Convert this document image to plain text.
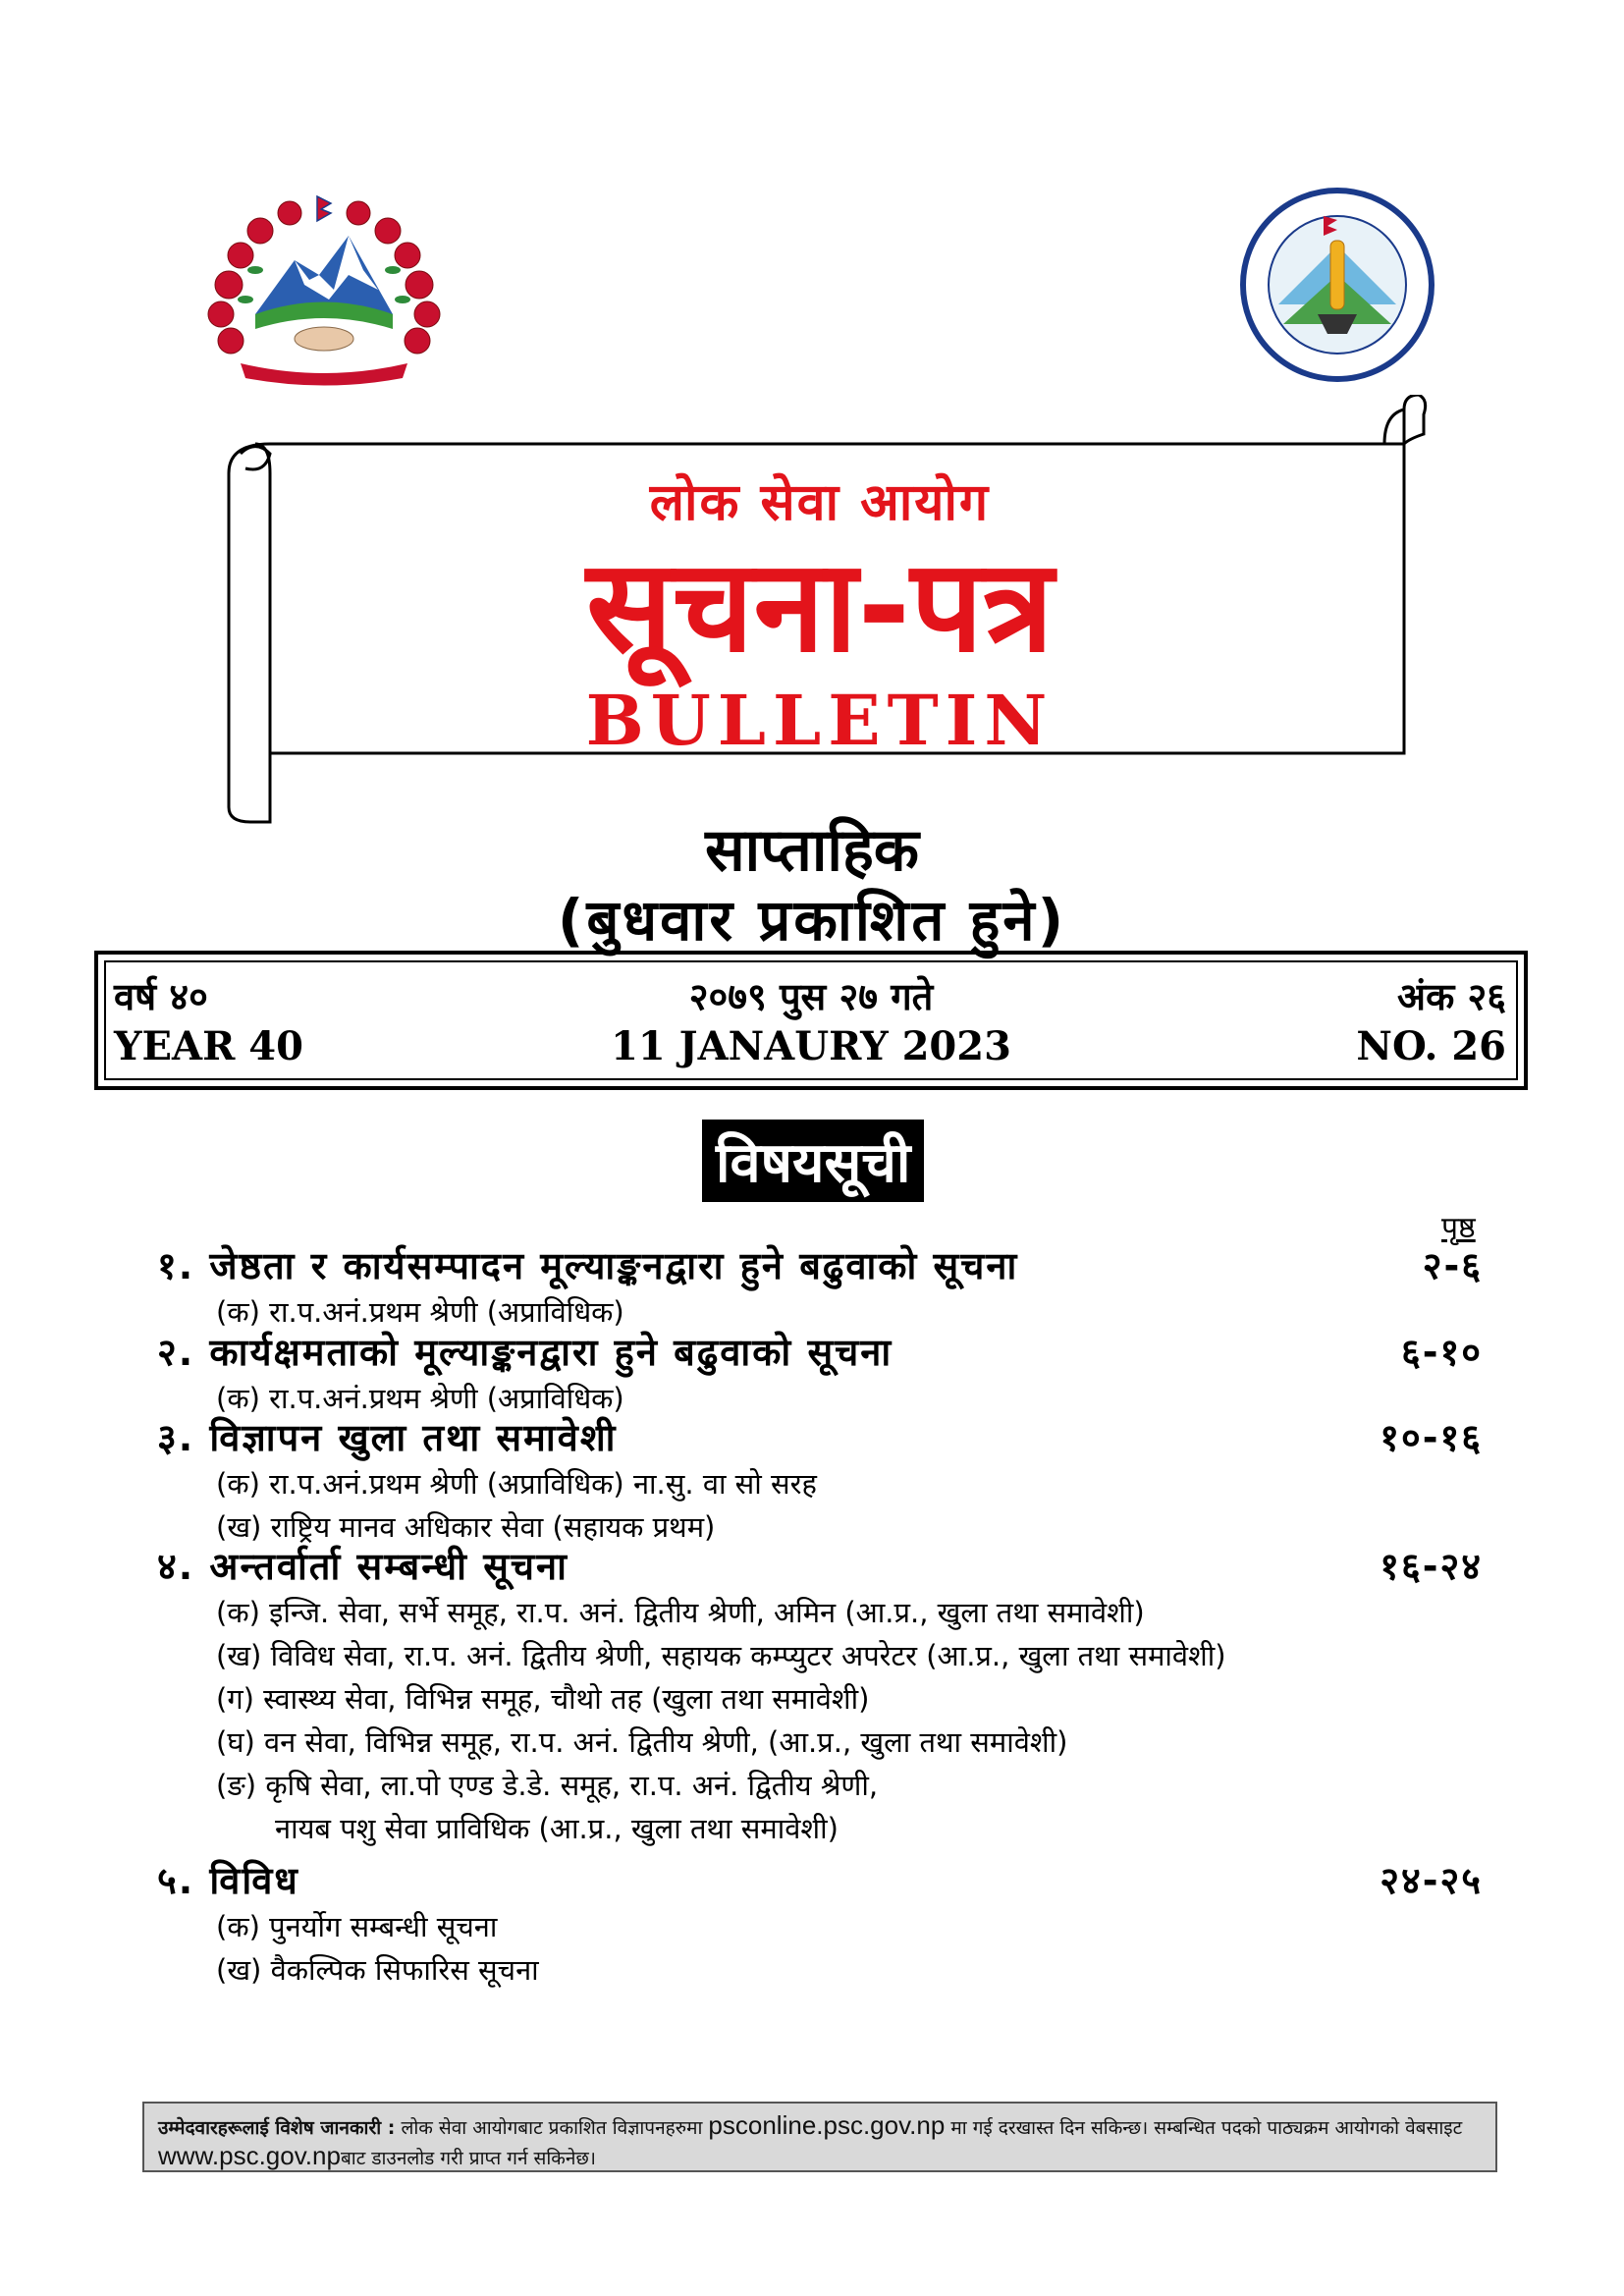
लोक सेवा आयोग
सूचना-पत्र
BULLETIN
साप्ताहिक
(बुधवार प्रकाशित हुने)
वर्ष ४०
YEAR 40
२०७९ पुस २७ गते
11 JANAURY 2023
अंक २६
NO. 26
विषयसूची
पृष्ठ
१. जेष्ठता र कार्यसम्पादन मूल्याङ्कनद्वारा हुने बढुवाको सूचना	२-६
(क) रा.प.अनं.प्रथम श्रेणी (अप्राविधिक)
२. कार्यक्षमताको मूल्याङ्कनद्वारा हुने बढुवाको सूचना	६-१०
(क) रा.प.अनं.प्रथम श्रेणी (अप्राविधिक)
३. विज्ञापन खुला तथा समावेशी	१०-१६
(क) रा.प.अनं.प्रथम श्रेणी (अप्राविधिक) ना.सु. वा सो सरह
(ख) राष्ट्रिय मानव अधिकार सेवा (सहायक प्रथम)
४. अन्तर्वार्ता सम्बन्धी सूचना	१६-२४
(क) इन्जि. सेवा, सर्भे समूह, रा.प. अनं. द्वितीय श्रेणी, अमिन (आ.प्र., खुला तथा समावेशी)
(ख) विविध सेवा, रा.प. अनं. द्वितीय श्रेणी, सहायक कम्प्युटर अपरेटर (आ.प्र., खुला तथा समावेशी)
(ग) स्वास्थ्य सेवा, विभिन्न समूह, चौथो तह (खुला तथा समावेशी)
(घ) वन सेवा, विभिन्न समूह, रा.प. अनं. द्वितीय श्रेणी, (आ.प्र., खुला तथा समावेशी)
(ङ) कृषि सेवा, ला.पो एण्ड डे.डे. समूह, रा.प. अनं. द्वितीय श्रेणी,
नायब पशु सेवा प्राविधिक (आ.प्र., खुला तथा समावेशी)
५. विविध	२४-२५
(क) पुनर्योग सम्बन्धी सूचना
(ख) वैकल्पिक सिफारिस सूचना
उम्मेदवारहरूलाई विशेष जानकारी : लोक सेवा आयोगबाट प्रकाशित विज्ञापनहरुमा psconline.psc.gov.np मा गई दरखास्त दिन सकिन्छ। सम्बन्धित पदको पाठ्यक्रम आयोगको वेबसाइट www.psc.gov.npबाट डाउनलोड गरी प्राप्त गर्न सकिनेछ।
